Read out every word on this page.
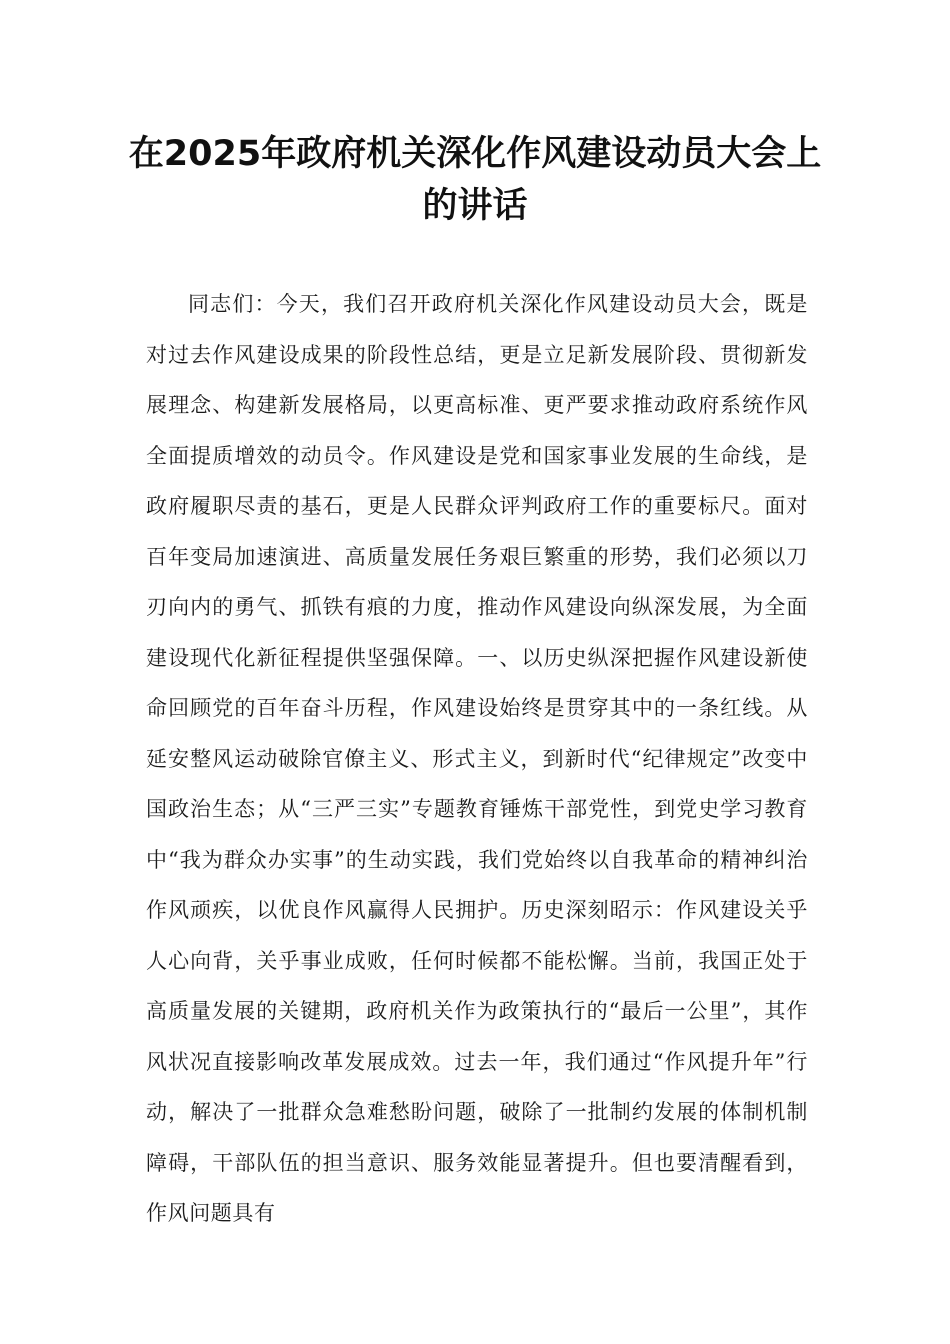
在2025年政府机关深化作风建设动员大会上的讲话

同志们：今天，我们召开政府机关深化作风建设动员大会，既是对过去作风建设成果的阶段性总结，更是立足新发展阶段、贯彻新发展理念、构建新发展格局，以更高标准、更严要求推动政府系统作风全面提质增效的动员令。作风建设是党和国家事业发展的生命线，是政府履职尽责的基石，更是人民群众评判政府工作的重要标尺。面对百年变局加速演进、高质量发展任务艰巨繁重的形势，我们必须以刀刃向内的勇气、抓铁有痕的力度，推动作风建设向纵深发展，为全面建设现代化新征程提供坚强保障。一、以历史纵深把握作风建设新使命回顾党的百年奋斗历程，作风建设始终是贯穿其中的一条红线。从延安整风运动破除官僚主义、形式主义，到新时代“纪律规定”改变中国政治生态；从“三严三实”专题教育锤炼干部党性，到党史学习教育中“我为群众办实事”的生动实践，我们党始终以自我革命的精神纠治作风顽疾，以优良作风赢得人民拥护。历史深刻昭示：作风建设关乎人心向背，关乎事业成败，任何时候都不能松懈。当前，我国正处于高质量发展的关键期，政府机关作为政策执行的“最后一公里”，其作风状况直接影响改革发展成效。过去一年，我们通过“作风提升年”行动，解决了一批群众急难愁盼问题，破除了一批制约发展的体制机制障碍，干部队伍的担当意识、服务效能显著提升。但也要清醒看到，作风问题具有
